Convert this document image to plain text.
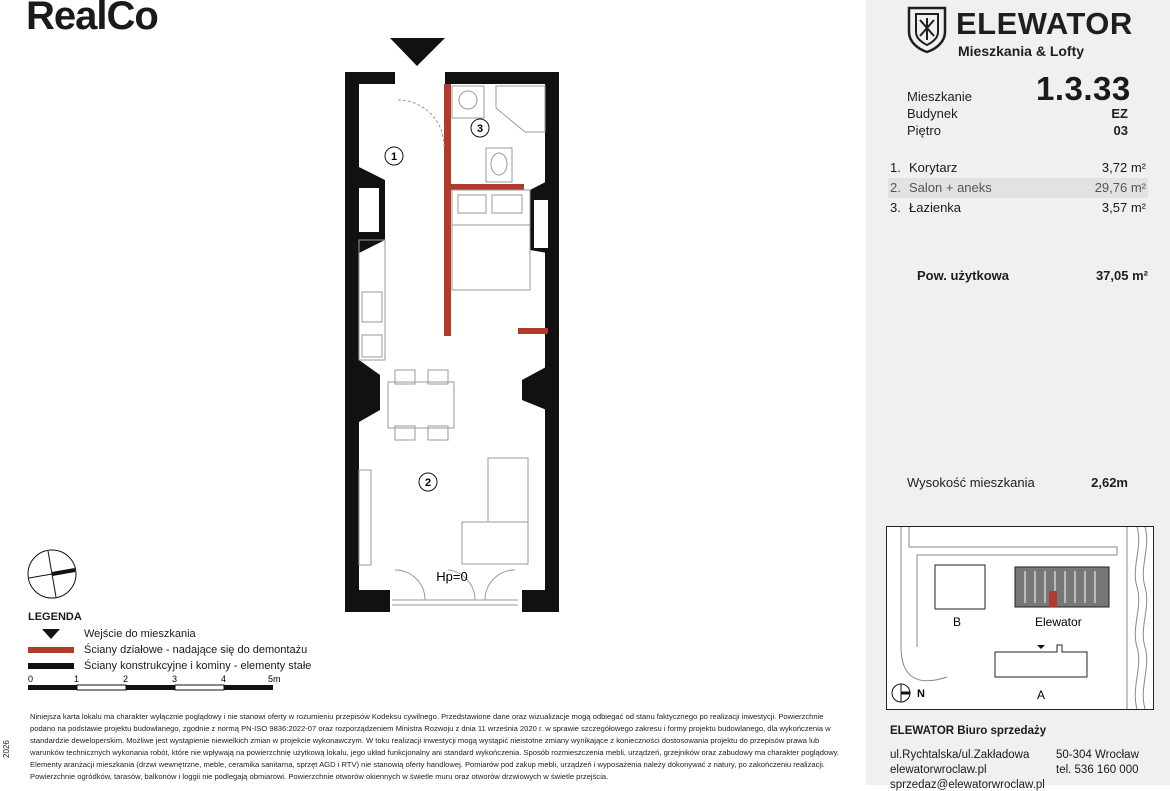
RealCo
1
2
3
Hp=0
LEGENDA
Wejście do mieszkania
Ściany działowe - nadające się do demontażu
Ściany konstrukcyjne i kominy - elementy stałe
0	1	2	3	4	5m
Niniejsza karta lokalu ma charakter wyłącznie poglądowy i nie stanowi oferty w rozumieniu przepisów Kodeksu cywilnego. Przedstawione dane oraz wizualizacje mogą odbiegać od stanu faktycznego po realizacji inwestycji. Powierzchnie podano na podstawie projektu budowlanego, zgodnie z normą PN-ISO 9836:2022-07 oraz rozporządzeniem Ministra Rozwoju z dnia 11 września 2020 r. w sprawie szczegółowego zakresu i formy projektu budowlanego, dla wykończenia w standardzie deweloperskim. Możliwe jest wystąpienie niewielkich zmian w projekcie wykonawczym. W toku realizacji inwestycji mogą wystąpić nieistotne zmiany wynikające z konieczności dostosowania projektu do przepisów prawa lub warunków technicznych wykonania robót, które nie wpływają na powierzchnię użytkową lokalu, jego układ funkcjonalny ani standard wykończenia. Sposób rozmieszczenia mebli, urządzeń, grzejników oraz zabudowy ma charakter poglądowy. Elementy aranżacji mieszkania (drzwi wewnętrzne, meble, ceramika sanitarna, sprzęt AGD i RTV) nie stanowią oferty handlowej. Pomiarów pod zakup mebli, urządzeń i wyposażenia należy dokonywać z natury, po zakończeniu realizacji. Powierzchnie ogródków, tarasów, balkonów i loggii nie podlegają obmiarowi. Powierzchnie otworów okiennych w świetle muru oraz otworów drzwiowych w świetle przejścia.
2026
ELEWATOR
Mieszkania & Lofty
Mieszkanie 1.3.33
Budynek	EZ
Piętro	03
1. Korytarz	3,72 m²
2. Salon + aneks	29,76 m²
3. Łazienka	3,57 m²
Pow. użytkowa	37,05 m²
Wysokość mieszkania	2,62m
B	Elewator
A
N
ELEWATOR Biuro sprzedaży
ul.Rychtalska/ul.Zakładowa 50-304 Wrocław
elewatorwroclaw.pl	tel. 536 160 000
sprzedaz@elewatorwroclaw.pl
